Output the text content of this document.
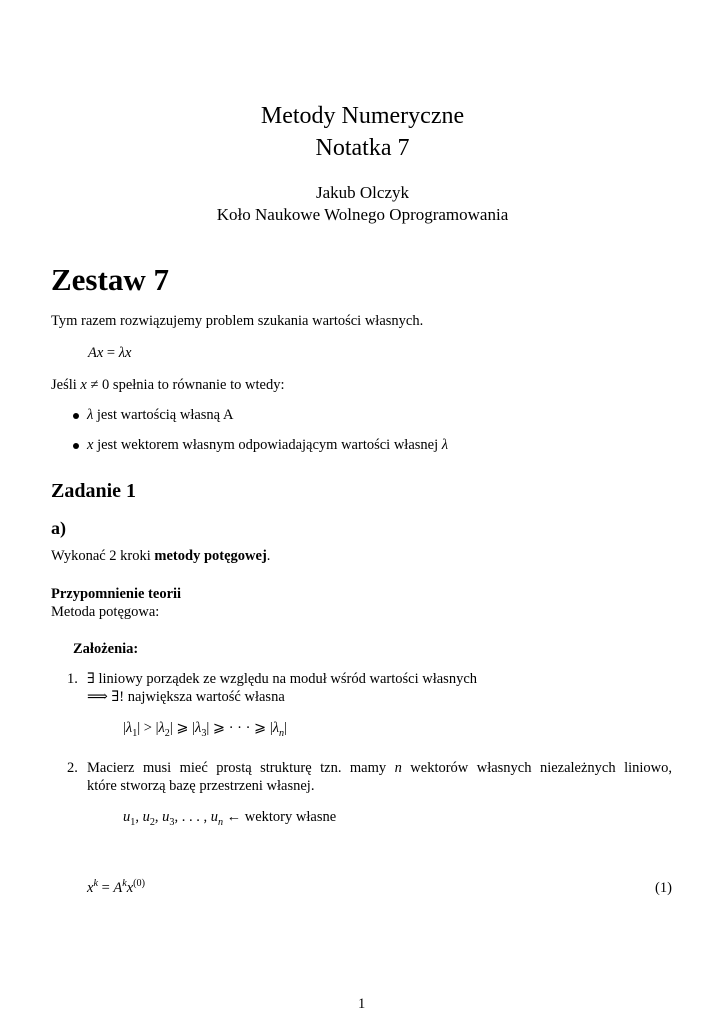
Metody Numeryczne
Notatka 7
Jakub Olczyk
Koło Naukowe Wolnego Oprogramowania
Zestaw 7
Tym razem rozwiązujemy problem szukania wartości własnych.
Ax = λx
Jeśli x ≠ 0 spełnia to równanie to wtedy:
λ jest wartością własną A
x jest wektorem własnym odpowiadającym wartości własnej λ
Zadanie 1
a)
Wykonać 2 kroki metody potęgowej.
Przypomnienie teorii
Metoda potęgowa:
Założenia:
1. ∃ liniowy porządek ze względu na moduł wśród wartości własnych
⟹ ∃! największa wartość własna
$|\lambda_1| > |\lambda_2|$ ⩾ $|\lambda_3|$ ⩾ · · · ⩾ $|\lambda_n|$
2. Macierz musi mieć prostą strukturę tzn. mamy n wektorów własnych niezależnych liniowo,
które stworzą bazę przestrzeni własnej.
$u_1$, $u_2$, $u_3$, . . . , $u_n$ ← wektory własne
$x^k = A^kx^{(0)}$	(1)
1
